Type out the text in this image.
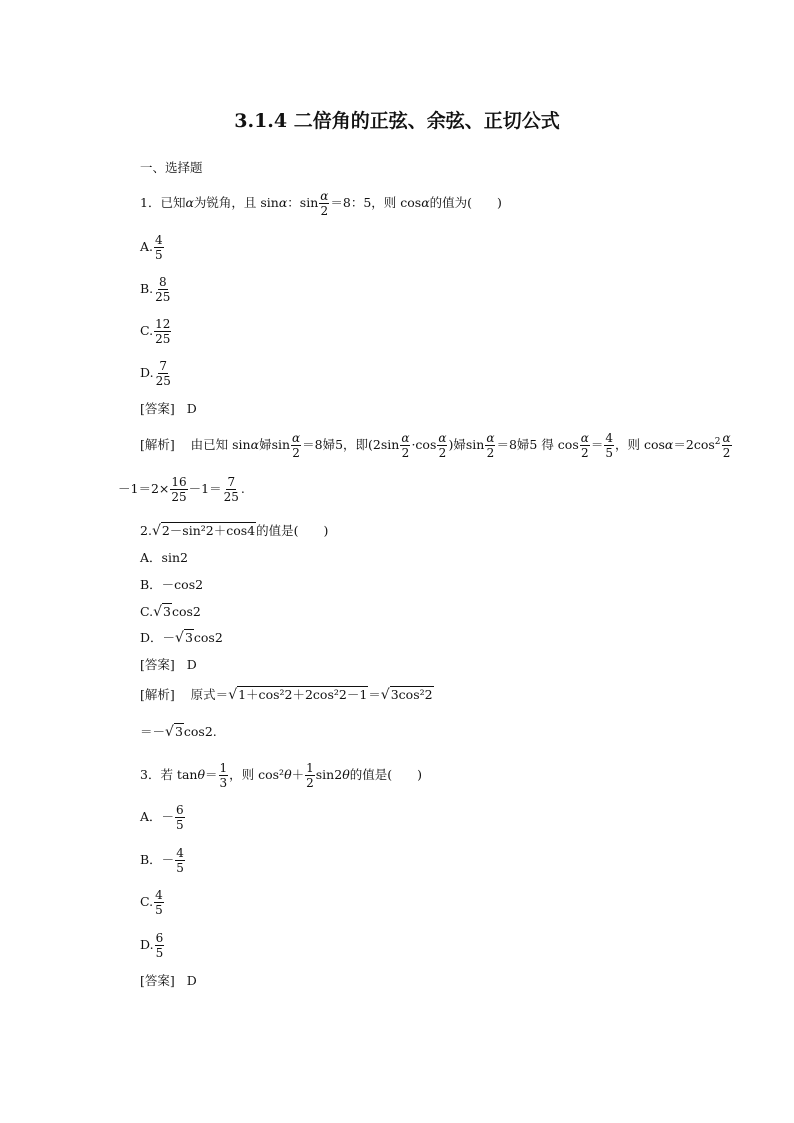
3.1.4 二倍角的正弦、余弦、正切公式
一、选择题
1．已知α为锐角，且 sinα：$\sin \frac{\alpha}{2} =8$：5，则 cosα的值为(　　)
A. $\frac{4}{5}$
B. $\frac{8}{25}$
C. $\frac{12}{25}$
D. $\frac{7}{25}$
[答案] D
[解析] 由已知 sinα婦$\sin \frac{\alpha}{2} =8$婦5，即($2\sin \frac{\alpha}{2} \cdot\cos \frac{\alpha}{2}$ )婦$\sin \frac{\alpha}{2} =8$婦5 得 $\cos \frac{\alpha}{2} = \frac{4}{5}$ ，则 $\cos\alpha=2\cos^2 \frac{\alpha}{2}$
$-1=2\times \frac{16}{25} -1= \frac{7}{25}$ .
2.√2－sin²2＋cos4的值是(　　)
A．sin2
B．－cos2
C.√3cos2
D．－√3cos2
[答案] D
[解析] 原式＝√1＋cos²2＋2cos²2－1＝√3cos²2
＝－√3cos2.
3．若 $\tan\theta= \frac{1}{3}$ ，则 $\cos^2\theta+ \frac{1}{2} \sin 2\theta$的值是(　　)
A．－ $\frac{6}{5}$
B．－ $\frac{4}{5}$
C. $\frac{4}{5}$
D. $\frac{6}{5}$
[答案] D
